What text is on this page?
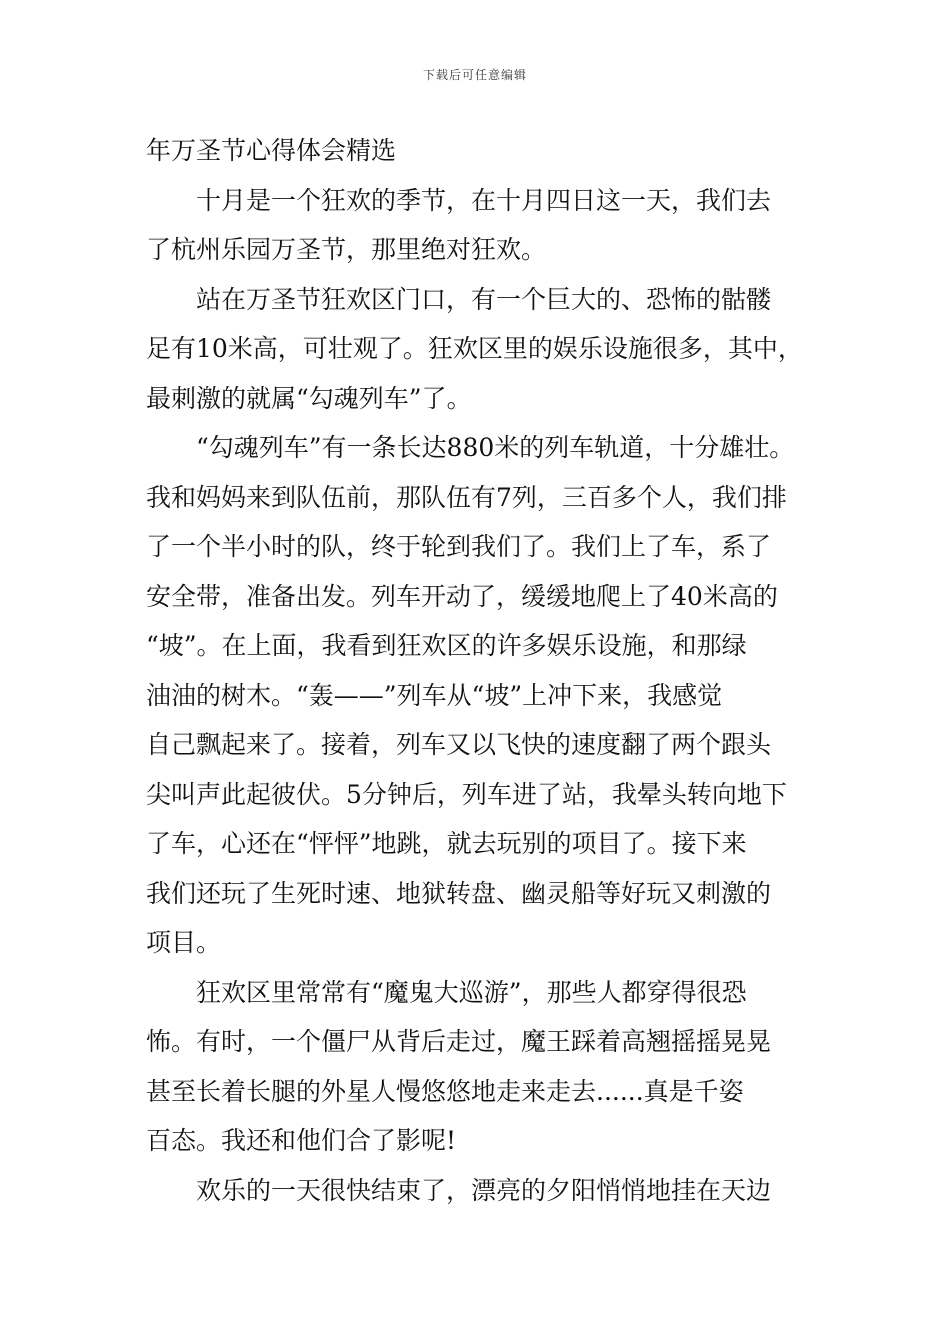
下载后可任意编辑
年万圣节心得体会精选
十月是一个狂欢的季节，在十月四日这一天，我们去
了杭州乐园万圣节，那里绝对狂欢。
站在万圣节狂欢区门口，有一个巨大的、恐怖的骷髅
足有10米高，可壮观了。狂欢区里的娱乐设施很多，其中，
最刺激的就属“勾魂列车”了。
“勾魂列车”有一条长达880米的列车轨道，十分雄壮。
我和妈妈来到队伍前，那队伍有7列，三百多个人，我们排
了一个半小时的队，终于轮到我们了。我们上了车，系了
安全带，准备出发。列车开动了，缓缓地爬上了40米高的
“坡”。在上面，我看到狂欢区的许多娱乐设施，和那绿
油油的树木。“轰——”列车从“坡”上冲下来，我感觉
自己飘起来了。接着，列车又以飞快的速度翻了两个跟头
尖叫声此起彼伏。5分钟后，列车进了站，我晕头转向地下
了车，心还在“怦怦”地跳，就去玩别的项目了。接下来
我们还玩了生死时速、地狱转盘、幽灵船等好玩又刺激的
项目。
狂欢区里常常有“魔鬼大巡游”，那些人都穿得很恐
怖。有时，一个僵尸从背后走过，魔王踩着高翘摇摇晃晃
甚至长着长腿的外星人慢悠悠地走来走去......真是千姿
百态。我还和他们合了影呢!
欢乐的一天很快结束了，漂亮的夕阳悄悄地挂在天边
